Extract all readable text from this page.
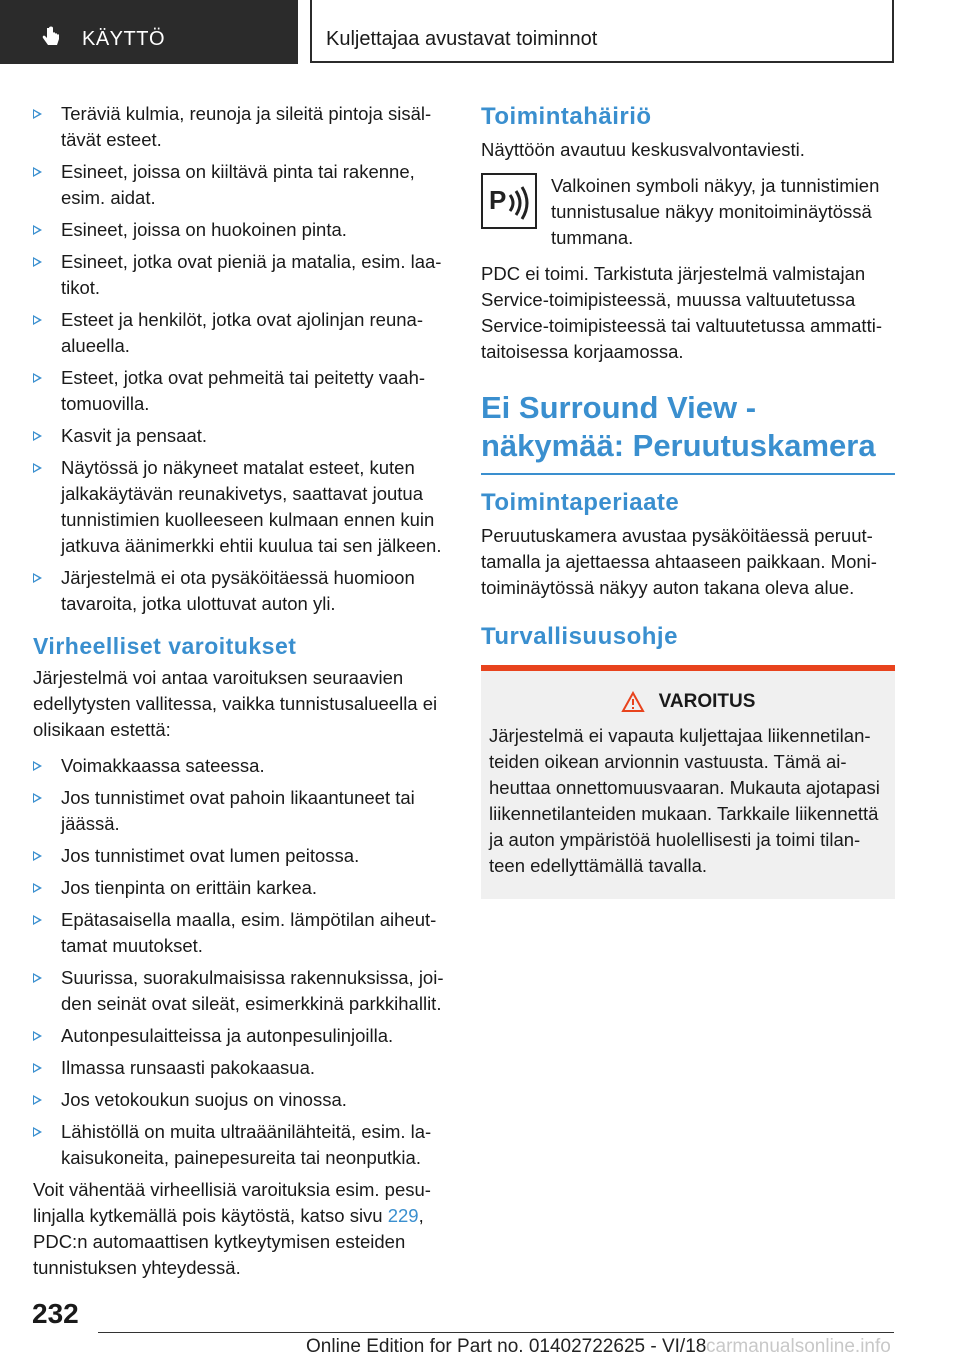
KÄYTTÖ	Kuljettajaa avustavat toiminnot
Teräviä kulmia, reunoja ja sileitä pintoja sisäl-tävät esteet.
Esineet, joissa on kiiltävä pinta tai rakenne, esim. aidat.
Esineet, joissa on huokoinen pinta.
Esineet, jotka ovat pieniä ja matalia, esim. laa-tikot.
Esteet ja henkilöt, jotka ovat ajolinjan reuna-alueella.
Esteet, jotka ovat pehmeitä tai peitetty vaah-tomuovilla.
Kasvit ja pensaat.
Näytössä jo näkyneet matalat esteet, kuten jalkakäytävän reunakivetys, saattavat joutua tunnistimien kuolleeseen kulmaan ennen kuin jatkuva äänimerkki ehtii kuulua tai sen jälkeen.
Järjestelmä ei ota pysäköitäessä huomioon tavaroita, jotka ulottuvat auton yli.
Virheelliset varoitukset

Järjestelmä voi antaa varoituksen seuraavien edellytysten vallitessa, vaikka tunnistusalueella ei olisikaan estettä:

Voimakkaassa sateessa.
Jos tunnistimet ovat pahoin likaantuneet tai jäässä.
Jos tunnistimet ovat lumen peitossa.
Jos tienpinta on erittäin karkea.
Epätasaisella maalla, esim. lämpötilan aiheut-tamat muutokset.
Suurissa, suorakulmaisissa rakennuksissa, joi-den seinät ovat sileät, esimerkkinä parkkihallit.
Autonpesulaitteissa ja autonpesulinjoilla.
Ilmassa runsaasti pakokaasua.
Jos vetokoukun suojus on vinossa.
Lähistöllä on muita ultraäänilähteitä, esim. la-kaisukoneita, painepesureita tai neonputkia.

Voit vähentää virheellisiä varoituksia esim. pesu-linjalla kytkemällä pois käytöstä, katso sivu 229, PDC:n automaattisen kytkeytymisen esteiden tunnistuksen yhteydessä.

Toimintahäiriö

Näyttöön avautuu keskusvalvontaviesti.

P Valkoinen symboli näkyy, ja tunnistimien tunnistusalue näkyy monitoiminäytössä tummana.

PDC ei toimi. Tarkistuta järjestelmä valmistajan Service-toimipisteessä, muussa valtuutetussa Service-toimipisteessä tai valtuutetussa ammatti-taitoisessa korjaamossa.

Ei Surround View -näkymää: Peruutuskamera
Toimintaperiaate

Peruutuskamera avustaa pysäköitäessä peruut-tamalla ja ajettaessa ahtaaseen paikkaan. Moni-toiminäytössä näkyy auton takana oleva alue.

Turvallisuusohje
VAROITUS
Järjestelmä ei vapauta kuljettajaa liikennetilan-teiden oikean arvionnin vastuusta. Tämä ai-heuttaa onnettomuusvaaran. Mukauta ajotapasi liikennetilanteiden mukaan. Tarkkaile liikennettä ja auton ympäristöä huolellisesti ja toimi tilan-teen edellyttämällä tavalla.
232
Online Edition for Part no. 01402722625 - VI/18 carmanualsonline.info
